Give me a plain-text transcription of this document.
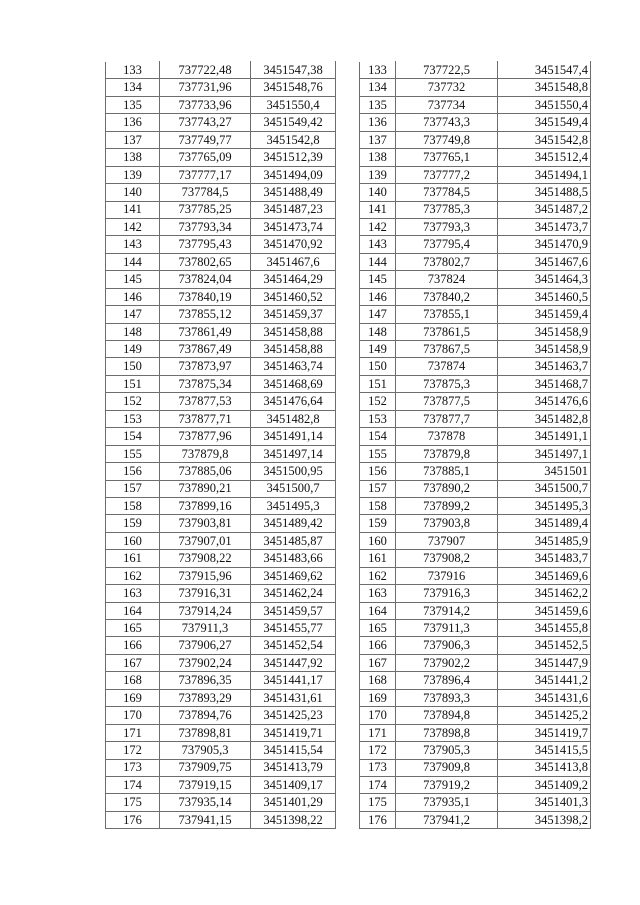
133	737722,48	3451547,38
134	737731,96	3451548,76
135	737733,96	3451550,4
136	737743,27	3451549,42
137	737749,77	3451542,8
138	737765,09	3451512,39
139	737777,17	3451494,09
140	737784,5	3451488,49
141	737785,25	3451487,23
142	737793,34	3451473,74
143	737795,43	3451470,92
144	737802,65	3451467,6
145	737824,04	3451464,29
146	737840,19	3451460,52
147	737855,12	3451459,37
148	737861,49	3451458,88
149	737867,49	3451458,88
150	737873,97	3451463,74
151	737875,34	3451468,69
152	737877,53	3451476,64
153	737877,71	3451482,8
154	737877,96	3451491,14
155	737879,8	3451497,14
156	737885,06	3451500,95
157	737890,21	3451500,7
158	737899,16	3451495,3
159	737903,81	3451489,42
160	737907,01	3451485,87
161	737908,22	3451483,66
162	737915,96	3451469,62
163	737916,31	3451462,24
164	737914,24	3451459,57
165	737911,3	3451455,77
166	737906,27	3451452,54
167	737902,24	3451447,92
168	737896,35	3451441,17
169	737893,29	3451431,61
170	737894,76	3451425,23
171	737898,81	3451419,71
172	737905,3	3451415,54
173	737909,75	3451413,79
174	737919,15	3451409,17
175	737935,14	3451401,29
176	737941,15	3451398,22
133	737722,5	3451547,4
134	737732	3451548,8
135	737734	3451550,4
136	737743,3	3451549,4
137	737749,8	3451542,8
138	737765,1	3451512,4
139	737777,2	3451494,1
140	737784,5	3451488,5
141	737785,3	3451487,2
142	737793,3	3451473,7
143	737795,4	3451470,9
144	737802,7	3451467,6
145	737824	3451464,3
146	737840,2	3451460,5
147	737855,1	3451459,4
148	737861,5	3451458,9
149	737867,5	3451458,9
150	737874	3451463,7
151	737875,3	3451468,7
152	737877,5	3451476,6
153	737877,7	3451482,8
154	737878	3451491,1
155	737879,8	3451497,1
156	737885,1	3451501
157	737890,2	3451500,7
158	737899,2	3451495,3
159	737903,8	3451489,4
160	737907	3451485,9
161	737908,2	3451483,7
162	737916	3451469,6
163	737916,3	3451462,2
164	737914,2	3451459,6
165	737911,3	3451455,8
166	737906,3	3451452,5
167	737902,2	3451447,9
168	737896,4	3451441,2
169	737893,3	3451431,6
170	737894,8	3451425,2
171	737898,8	3451419,7
172	737905,3	3451415,5
173	737909,8	3451413,8
174	737919,2	3451409,2
175	737935,1	3451401,3
176	737941,2	3451398,2
